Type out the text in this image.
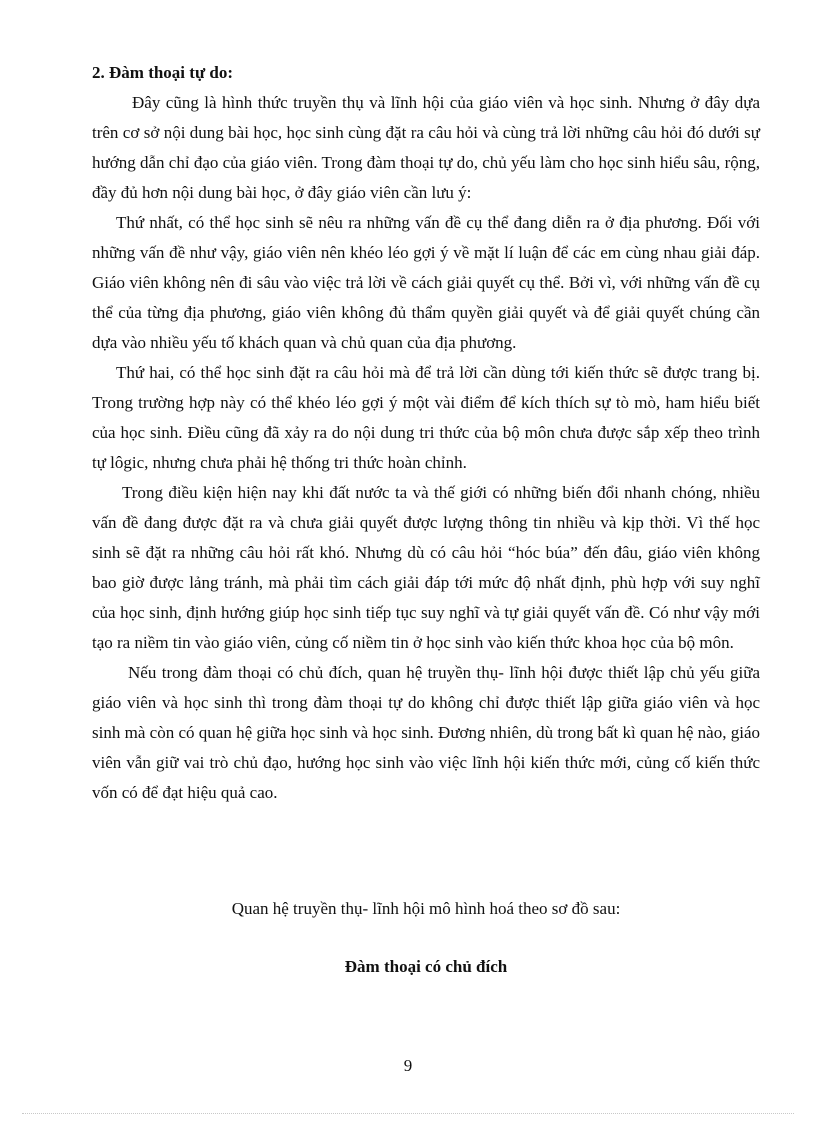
2. Đàm thoại tự do:

Đây cũng là hình thức truyền thụ và lĩnh hội của giáo viên và học sinh. Nhưng ở đây dựa trên cơ sở nội dung bài học, học sinh cùng đặt ra câu hỏi và cùng trả lời những câu hỏi đó dưới sự hướng dẫn chỉ đạo của giáo viên. Trong đàm thoại tự do, chủ yếu làm cho học sinh hiểu sâu, rộng, đầy đủ hơn nội dung bài học, ở đây giáo viên cần lưu ý:

Thứ nhất, có thể học sinh sẽ nêu ra những vấn đề cụ thể đang diễn ra ở địa phương. Đối với những vấn đề như vậy, giáo viên nên khéo léo gợi ý về mặt lí luận để các em cùng nhau giải đáp. Giáo viên không nên đi sâu vào việc trả lời về cách giải quyết cụ thể. Bởi vì, với những vấn đề cụ thể của từng địa phương, giáo viên không đủ thẩm quyền giải quyết và để giải quyết chúng cần dựa vào nhiều yếu tố khách quan và chủ quan của địa phương.

Thứ hai, có thể học sinh đặt ra câu hỏi mà để trả lời cần dùng tới kiến thức sẽ được trang bị. Trong trường hợp này có thể khéo léo gợi ý một vài điểm để kích thích sự tò mò, ham hiểu biết của học sinh. Điều cũng đã xảy ra do nội dung tri thức của bộ môn chưa được sắp xếp theo trình tự lôgic, nhưng chưa phải hệ thống tri thức hoàn chỉnh.

Trong điều kiện hiện nay khi đất nước ta và thế giới có những biến đổi nhanh chóng, nhiều vấn đề đang được đặt ra và chưa giải quyết được lượng thông tin nhiều và kịp thời. Vì thế học sinh sẽ đặt ra những câu hỏi rất khó. Nhưng dù có câu hỏi “hóc búa” đến đâu, giáo viên không bao giờ được lảng tránh, mà phải tìm cách giải đáp tới mức độ nhất định, phù hợp với suy nghĩ của học sinh, định hướng giúp học sinh tiếp tục suy nghĩ và tự giải quyết vấn đề. Có như vậy mới tạo ra niềm tin vào giáo viên, củng cố niềm tin ở học sinh vào kiến thức khoa học của bộ môn.

Nếu trong đàm thoại có chủ đích, quan hệ truyền thụ- lĩnh hội được thiết lập chủ yếu giữa giáo viên và học sinh thì trong đàm thoại tự do không chỉ được thiết lập giữa giáo viên và học sinh mà còn có quan hệ giữa học sinh và học sinh. Đương nhiên, dù trong bất kì quan hệ nào, giáo viên vẫn giữ vai trò chủ đạo, hướng học sinh vào việc lĩnh hội kiến thức mới, củng cố kiến thức vốn có để đạt hiệu quả cao.

Quan hệ truyền thụ- lĩnh hội mô hình hoá theo sơ đồ sau:

Đàm thoại có chủ đích

9
